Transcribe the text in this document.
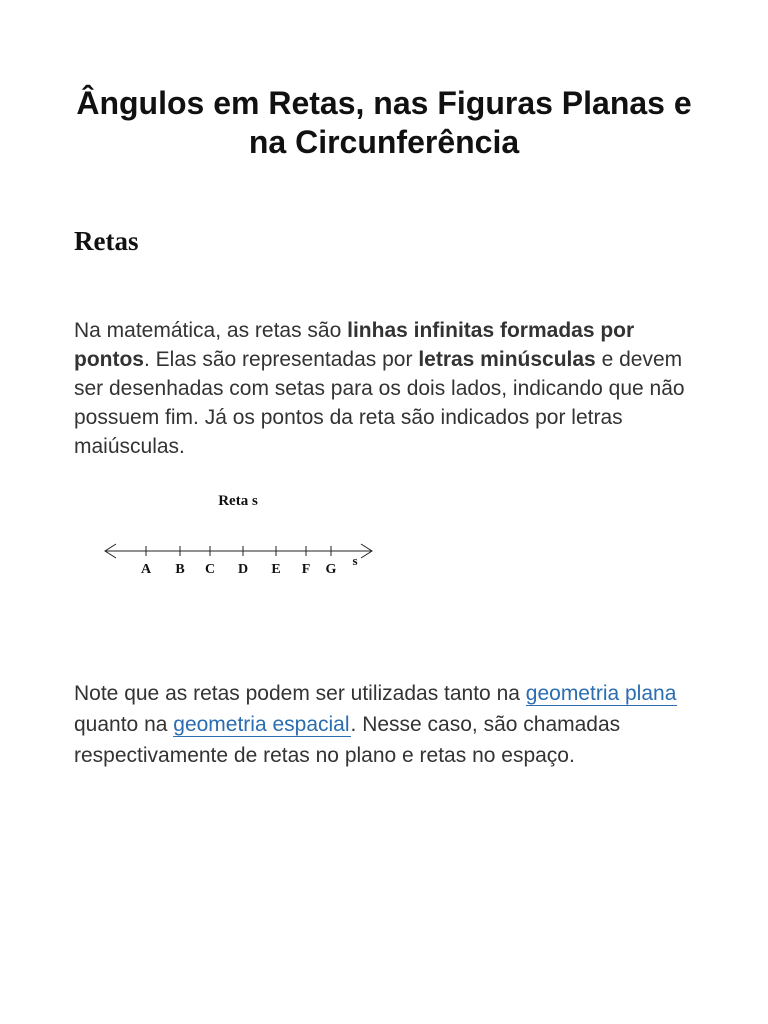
Ângulos em Retas, nas Figuras Planas e na Circunferência
Retas

Na matemática, as retas são linhas infinitas formadas por pontos. Elas são representadas por letras minúsculas e devem ser desenhadas com setas para os dois lados, indicando que não possuem fim. Já os pontos da reta são indicados por letras maiúsculas.

Reta s
A B C D E F G
s

Note que as retas podem ser utilizadas tanto na geometria plana quanto na geometria espacial. Nesse caso, são chamadas respectivamente de retas no plano e retas no espaço.
